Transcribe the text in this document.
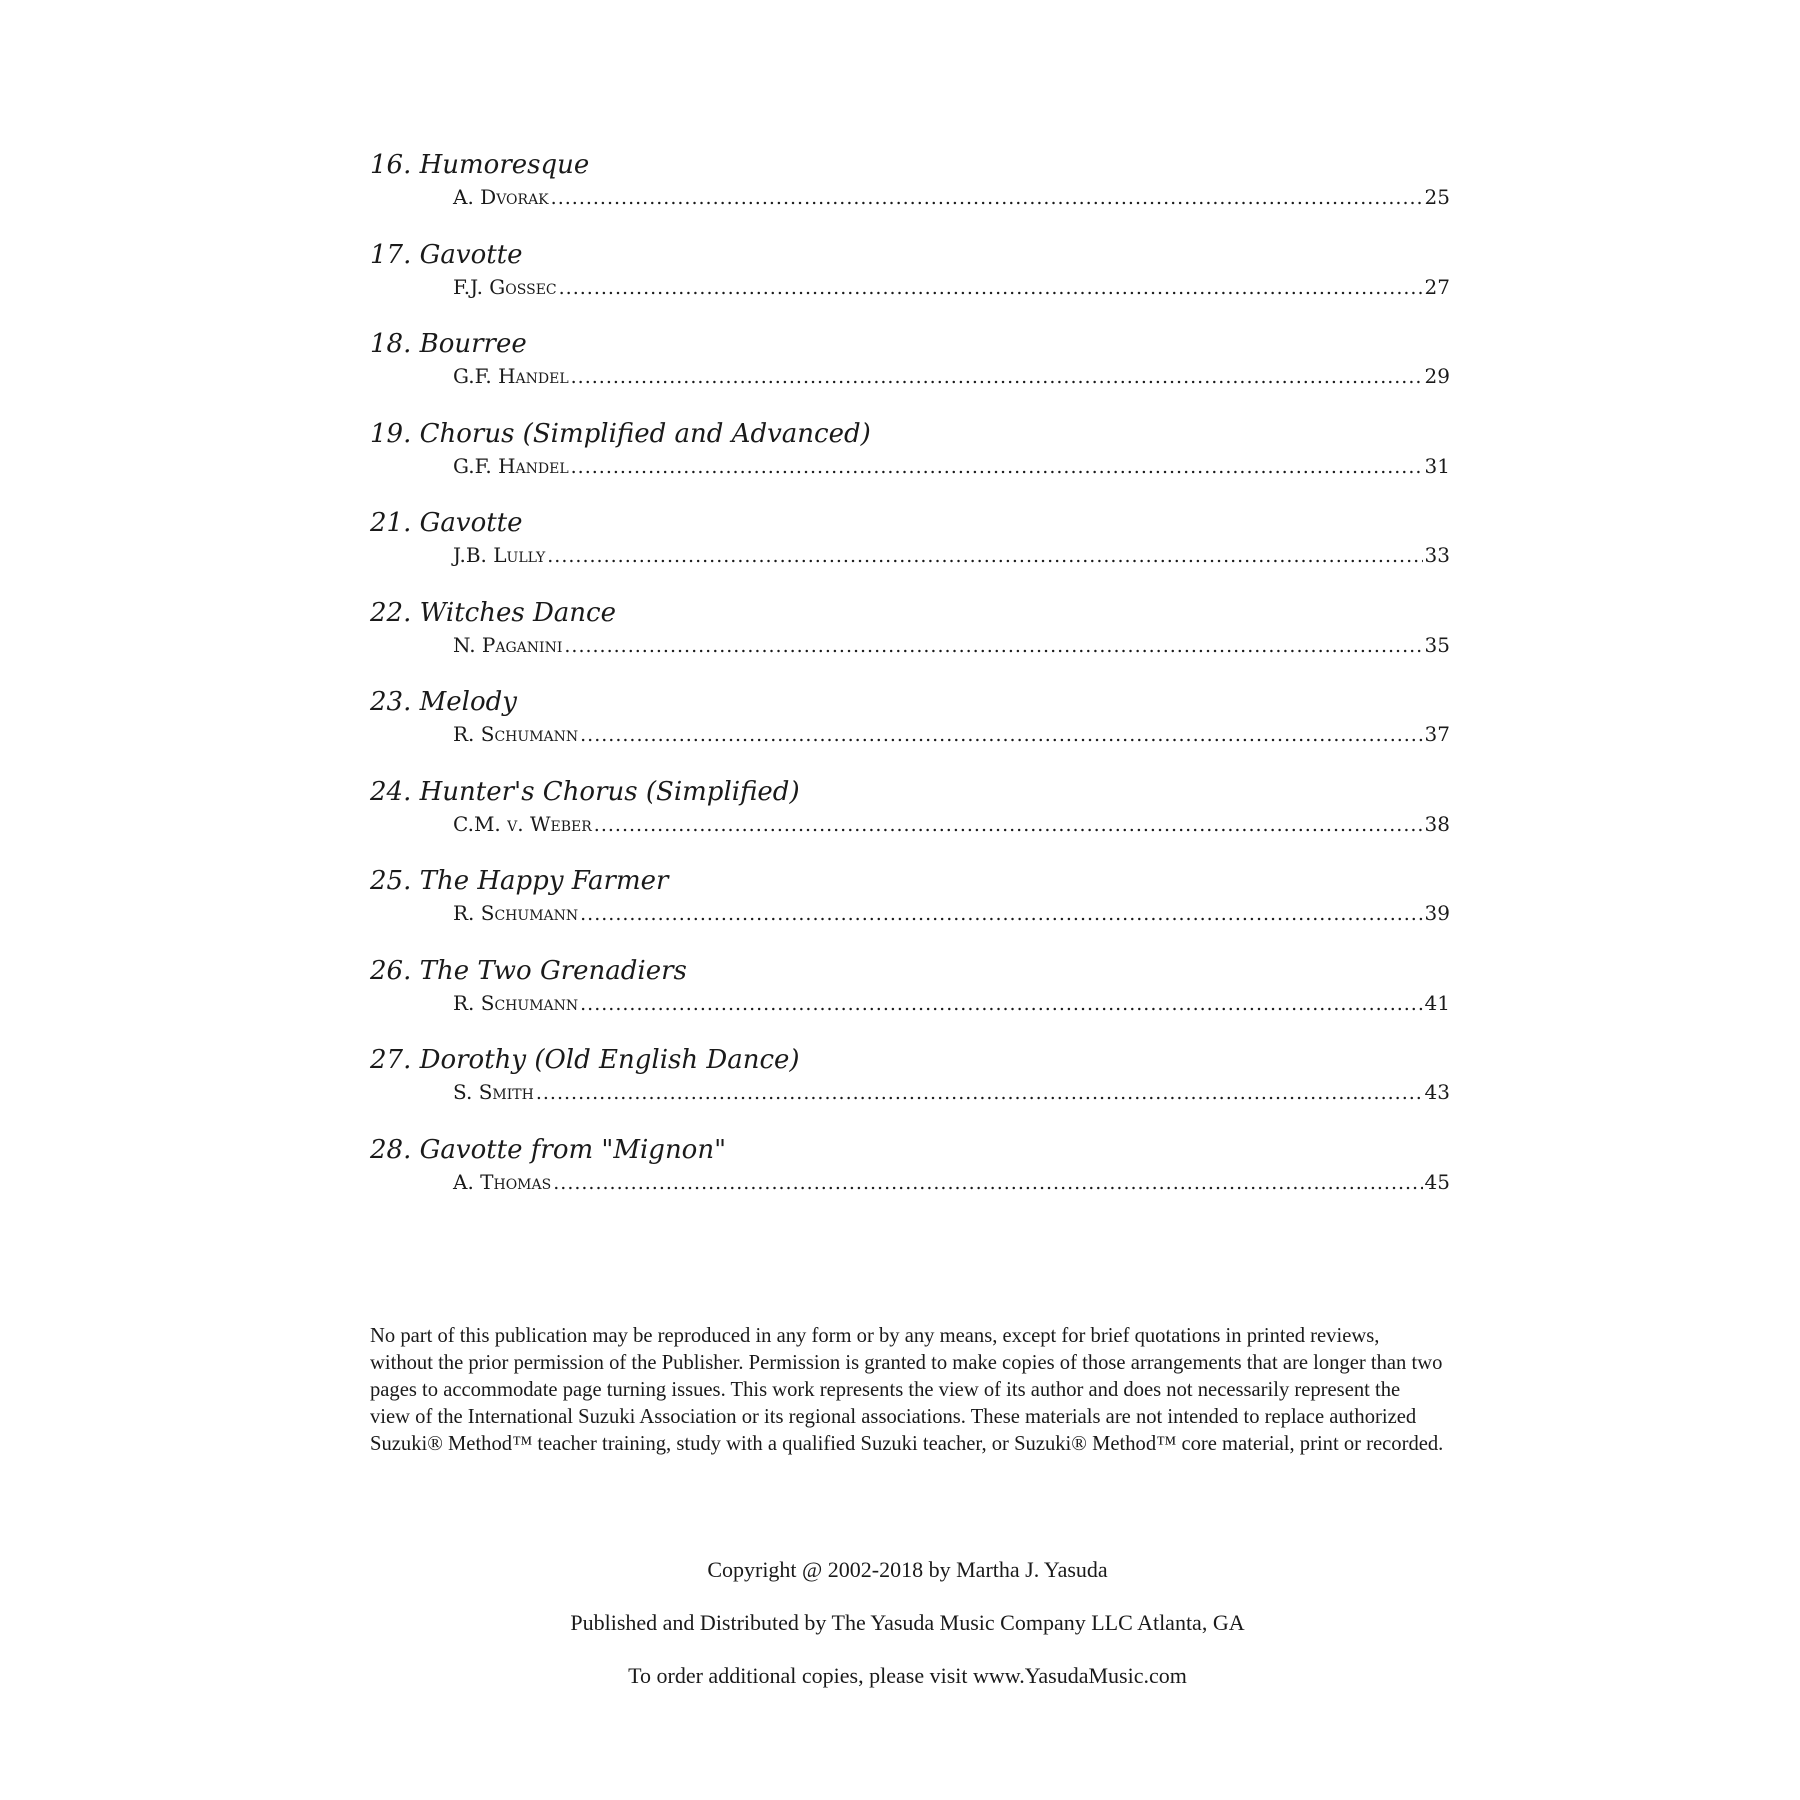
16. Humoresque
A. Dvorak .....	25
17. Gavotte
F.J. Gossec .....	27
18. Bourree
G.F. Handel .....	29
19. Chorus (Simplified and Advanced)
G.F. Handel .....	31
21. Gavotte
J.B. Lully .....	33
22. Witches Dance
N. Paganini .....	35
23. Melody
R. Schumann .....	37
24. Hunter's Chorus (Simplified)
C.M. v. Weber .....	38
25. The Happy Farmer
R. Schumann .....	39
26. The Two Grenadiers
R. Schumann .....	41
27. Dorothy (Old English Dance)
S. Smith .....	43
28. Gavotte from "Mignon"
A. Thomas .....	45
No part of this publication may be reproduced in any form or by any means, except for brief quotations in printed reviews, without the prior permission of the Publisher. Permission is granted to make copies of those arrangements that are longer than two pages to accommodate page turning issues. This work represents the view of its author and does not necessarily represent the view of the International Suzuki Association or its regional associations. These materials are not intended to replace authorized Suzuki® Method™ teacher training, study with a qualified Suzuki teacher, or Suzuki® Method™ core material, print or recorded.

Copyright @ 2002-2018 by Martha J. Yasuda

Published and Distributed by The Yasuda Music Company LLC Atlanta, GA

To order additional copies, please visit www.YasudaMusic.com
